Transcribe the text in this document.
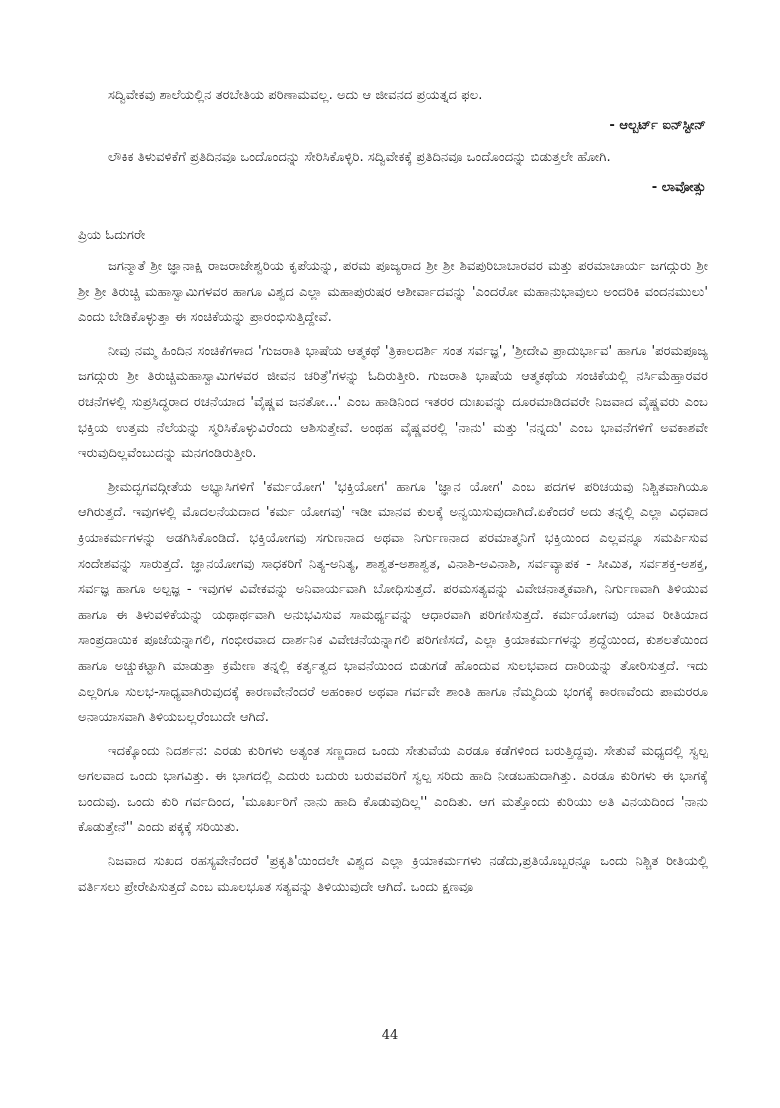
ಸದ್ವಿವೇಕವು ಶಾಲೆಯಲ್ಲಿನ ತರಬೇತಿಯ ಪರಿಣಾಮವಲ್ಲ. ಅದು ಆ ಜೀವನದ ಪ್ರಯತ್ನದ ಫಲ.

- ಆಲ್ಬರ್ಟ್ ಐನ್‌ಸ್ಟೀನ್

ಲೌಕಿಕ ತಿಳುವಳಿಕೆಗೆ ಪ್ರತಿದಿನವೂ ಒಂದೊಂದನ್ನು ಸೇರಿಸಿಕೊಳ್ಳಿರಿ. ಸದ್ವಿವೇಕಕ್ಕೆ ಪ್ರತಿದಿನವೂ ಒಂದೊಂದನ್ನು ಬಿಡುತ್ತಲೇ ಹೋಗಿ.

- ಲಾವೋತ್ಸು

ಪ್ರಿಯ ಓದುಗರೇ

ಜಗನ್ಮಾತೆ ಶ್ರೀ ಜ್ಞಾನಾಕ್ಷಿ ರಾಜರಾಜೇಶ್ವರಿಯ ಕೃಪೆಯನ್ನು, ಪರಮ ಪೂಜ್ಯರಾದ ಶ್ರೀ ಶ್ರೀ ಶಿವಪುರಿಬಾಬಾರವರ ಮತ್ತು ಪರಮಾಚಾರ್ಯ ಜಗದ್ಗುರು ಶ್ರೀ ಶ್ರೀ ಶ್ರೀ ತಿರುಚ್ಚಿ ಮಹಾಸ್ವಾಮಿಗಳವರ ಹಾಗೂ ವಿಶ್ವದ ಎಲ್ಲಾ ಮಹಾಪುರುಷರ ಆಶೀರ್ವಾದವನ್ನು 'ಎಂದರೋ ಮಹಾನುಭಾವುಲು ಅಂದರಿಕಿ ವಂದನಮುಲು' ಎಂದು ಬೇಡಿಕೊಳ್ಳುತ್ತಾ ಈ ಸಂಚಿಕೆಯನ್ನು ಪ್ರಾರಂಭಿಸುತ್ತಿದ್ದೇವೆ.

ನೀವು ನಮ್ಮ ಹಿಂದಿನ ಸಂಚಿಕೆಗಳಾದ 'ಗುಜರಾತಿ ಭಾಷೆಯ ಆತ್ಮಕಥೆ 'ತ್ರಿಕಾಲದರ್ಶಿ ಸಂತ ಸರ್ವಜ್ಞ', 'ಶ್ರೀದೇವಿ ಪ್ರಾದುರ್ಭಾವ' ಹಾಗೂ 'ಪರಮಪೂಜ್ಯ ಜಗದ್ಗುರು ಶ್ರೀ ತಿರುಚ್ಚಿಮಹಾಸ್ವಾಮಿಗಳವರ ಜೀವನ ಚರಿತ್ರೆ'ಗಳನ್ನು ಓದಿರುತ್ತೀರಿ. ಗುಜರಾತಿ ಭಾಷೆಯ ಆತ್ಮಕಥೆಯ ಸಂಚಿಕೆಯಲ್ಲಿ ನರ್ಸಿಮೆಹ್ತಾರವರ ರಚನೆಗಳಲ್ಲಿ ಸುಪ್ರಸಿದ್ಧರಾದ ರಚನೆಯಾದ 'ವೈಷ್ಣವ ಜನತೋ...' ಎಂಬ ಹಾಡಿನಿಂದ ಇತರರ ದುಃಖವನ್ನು ದೂರಮಾಡಿದವರೇ ನಿಜವಾದ ವೈಷ್ಣವರು ಎಂಬ ಭಕ್ತಿಯ ಉತ್ತಮ ನೆಲೆಯನ್ನು ಸ್ಮರಿಸಿಕೊಳ್ಳುವಿರೆಂದು ಆಶಿಸುತ್ತೇವೆ. ಅಂಥಹ ವೈಷ್ಣವರಲ್ಲಿ 'ನಾನು' ಮತ್ತು 'ನನ್ನದು' ಎಂಬ ಭಾವನೆಗಳಿಗೆ ಅವಕಾಶವೇ ಇರುವುದಿಲ್ಲವೆಂಬುದನ್ನು ಮನಗಂಡಿರುತ್ತೀರಿ.

ಶ್ರೀಮದ್ಭಗವದ್ಗೀತೆಯ ಅಭ್ಯಾಸಿಗಳಿಗೆ 'ಕರ್ಮಯೋಗ' 'ಭಕ್ತಿಯೋಗ' ಹಾಗೂ 'ಜ್ಞಾನ ಯೋಗ' ಎಂಬ ಪದಗಳ ಪರಿಚಯವು ನಿಶ್ಚಿತವಾಗಿಯೂ ಆಗಿರುತ್ತದೆ. ಇವುಗಳಲ್ಲಿ ಮೊದಲನೆಯದಾದ 'ಕರ್ಮ ಯೋಗವು' ಇಡೀ ಮಾನವ ಕುಲಕ್ಕೆ ಅನ್ವಯಿಸುವುದಾಗಿದೆ.ಏಕೆಂದರೆ ಅದು ತನ್ನಲ್ಲಿ ಎಲ್ಲಾ ವಿಧವಾದ ಕ್ರಿಯಾಕರ್ಮಗಳನ್ನು ಅಡಗಿಸಿಕೊಂಡಿದೆ. ಭಕ್ತಿಯೋಗವು ಸಗುಣನಾದ ಅಥವಾ ನಿರ್ಗುಣನಾದ ಪರಮಾತ್ಮನಿಗೆ ಭಕ್ತಿಯಿಂದ ಎಲ್ಲವನ್ನೂ ಸಮರ್ಪಿಸುವ ಸಂದೇಶವನ್ನು ಸಾರುತ್ತದೆ. ಜ್ಞಾನಯೋಗವು ಸಾಧಕರಿಗೆ ನಿತ್ಯ-ಅನಿತ್ಯ, ಶಾಶ್ವತ-ಅಶಾಶ್ವತ, ವಿನಾಶಿ-ಅವಿನಾಶಿ, ಸರ್ವವ್ಯಾಪಕ - ಸೀಮಿತ, ಸರ್ವಶಕ್ತ-ಅಶಕ್ತ, ಸರ್ವಜ್ಞ ಹಾಗೂ ಅಲ್ಪಜ್ಞ - ಇವುಗಳ ವಿವೇಕವನ್ನು ಅನಿವಾರ್ಯವಾಗಿ ಬೋಧಿಸುತ್ತದೆ. ಪರಮಸತ್ಯವನ್ನು ವಿವೇಚನಾತ್ಮಕವಾಗಿ, ನಿರ್ಗುಣವಾಗಿ ತಿಳಿಯುವ ಹಾಗೂ ಈ ತಿಳುವಳಿಕೆಯನ್ನು ಯಥಾರ್ಥವಾಗಿ ಅನುಭವಿಸುವ ಸಾಮರ್ಥ್ಯವನ್ನು ಆಧಾರವಾಗಿ ಪರಿಗಣಿಸುತ್ತದೆ. ಕರ್ಮಯೋಗವು ಯಾವ ರೀತಿಯಾದ ಸಾಂಪ್ರದಾಯಿಕ ಪೂಜೆಯನ್ನಾಗಲಿ, ಗಂಭೀರವಾದ ದಾರ್ಶನಿಕ ವಿವೇಚನೆಯನ್ನಾಗಲಿ ಪರಿಗಣಿಸದೆ, ಎಲ್ಲಾ ಕ್ರಿಯಾಕರ್ಮಗಳನ್ನು ಶ್ರದ್ಧೆಯಿಂದ, ಕುಶಲತೆಯಿಂದ ಹಾಗೂ ಅಚ್ಚುಕಟ್ಟಾಗಿ ಮಾಡುತ್ತಾ ಕ್ರಮೇಣ ತನ್ನಲ್ಲಿ ಕರ್ತೃತ್ವದ ಭಾವನೆಯಿಂದ ಬಿಡುಗಡೆ ಹೊಂದುವ ಸುಲಭವಾದ ದಾರಿಯನ್ನು ತೋರಿಸುತ್ತದೆ. ಇದು ಎಲ್ಲರಿಗೂ ಸುಲಭ-ಸಾಧ್ಯವಾಗಿರುವುದಕ್ಕೆ ಕಾರಣವೇನೆಂದರೆ ಅಹಂಕಾರ ಅಥವಾ ಗರ್ವವೇ ಶಾಂತಿ ಹಾಗೂ ನೆಮ್ಮದಿಯ ಭಂಗಕ್ಕೆ ಕಾರಣವೆಂದು ಪಾಮರರೂ ಅನಾಯಾಸವಾಗಿ ತಿಳಿಯಬಲ್ಲರೆಂಬುದೇ ಆಗಿದೆ.

ಇದಕ್ಕೊಂದು ನಿದರ್ಶನ: ಎರಡು ಕುರಿಗಳು ಅತ್ಯಂತ ಸಣ್ಣದಾದ ಒಂದು ಸೇತುವೆಯ ಎರಡೂ ಕಡೆಗಳಿಂದ ಬರುತ್ತಿದ್ದವು. ಸೇತುವೆ ಮಧ್ಯದಲ್ಲಿ ಸ್ವಲ್ಪ ಅಗಲವಾದ ಒಂದು ಭಾಗವಿತ್ತು. ಈ ಭಾಗದಲ್ಲಿ ಎದುರು ಬದುರು ಬರುವವರಿಗೆ ಸ್ವಲ್ಪ ಸರಿದು ಹಾದಿ ನೀಡಬಹುದಾಗಿತ್ತು. ಎರಡೂ ಕುರಿಗಳು ಈ ಭಾಗಕ್ಕೆ ಬಂದುವು. ಒಂದು ಕುರಿ ಗರ್ವದಿಂದ, 'ಮೂರ್ಖರಿಗೆ ನಾನು ಹಾದಿ ಕೊಡುವುದಿಲ್ಲ'' ಎಂದಿತು. ಆಗ ಮತ್ತೊಂದು ಕುರಿಯು ಅತಿ ವಿನಯದಿಂದ 'ನಾನು ಕೊಡುತ್ತೇನೆ'' ಎಂದು ಪಕ್ಕಕ್ಕೆ ಸರಿಯಿತು.

ನಿಜವಾದ ಸುಖದ ರಹಸ್ಯವೇನೆಂದರೆ 'ಪ್ರಕೃತಿ'ಯಿಂದಲೇ ವಿಶ್ವದ ಎಲ್ಲಾ ಕ್ರಿಯಾಕರ್ಮಗಳು ನಡೆದು,ಪ್ರತಿಯೊಬ್ಬರನ್ನೂ ಒಂದು ನಿಶ್ಚಿತ ರೀತಿಯಲ್ಲಿ ವರ್ತಿಸಲು ಪ್ರೇರೇಪಿಸುತ್ತದೆ ಎಂಬ ಮೂಲಭೂತ ಸತ್ಯವನ್ನು ತಿಳಿಯುವುದೇ ಆಗಿದೆ. ಒಂದು ಕ್ಷಣವೂ

44
